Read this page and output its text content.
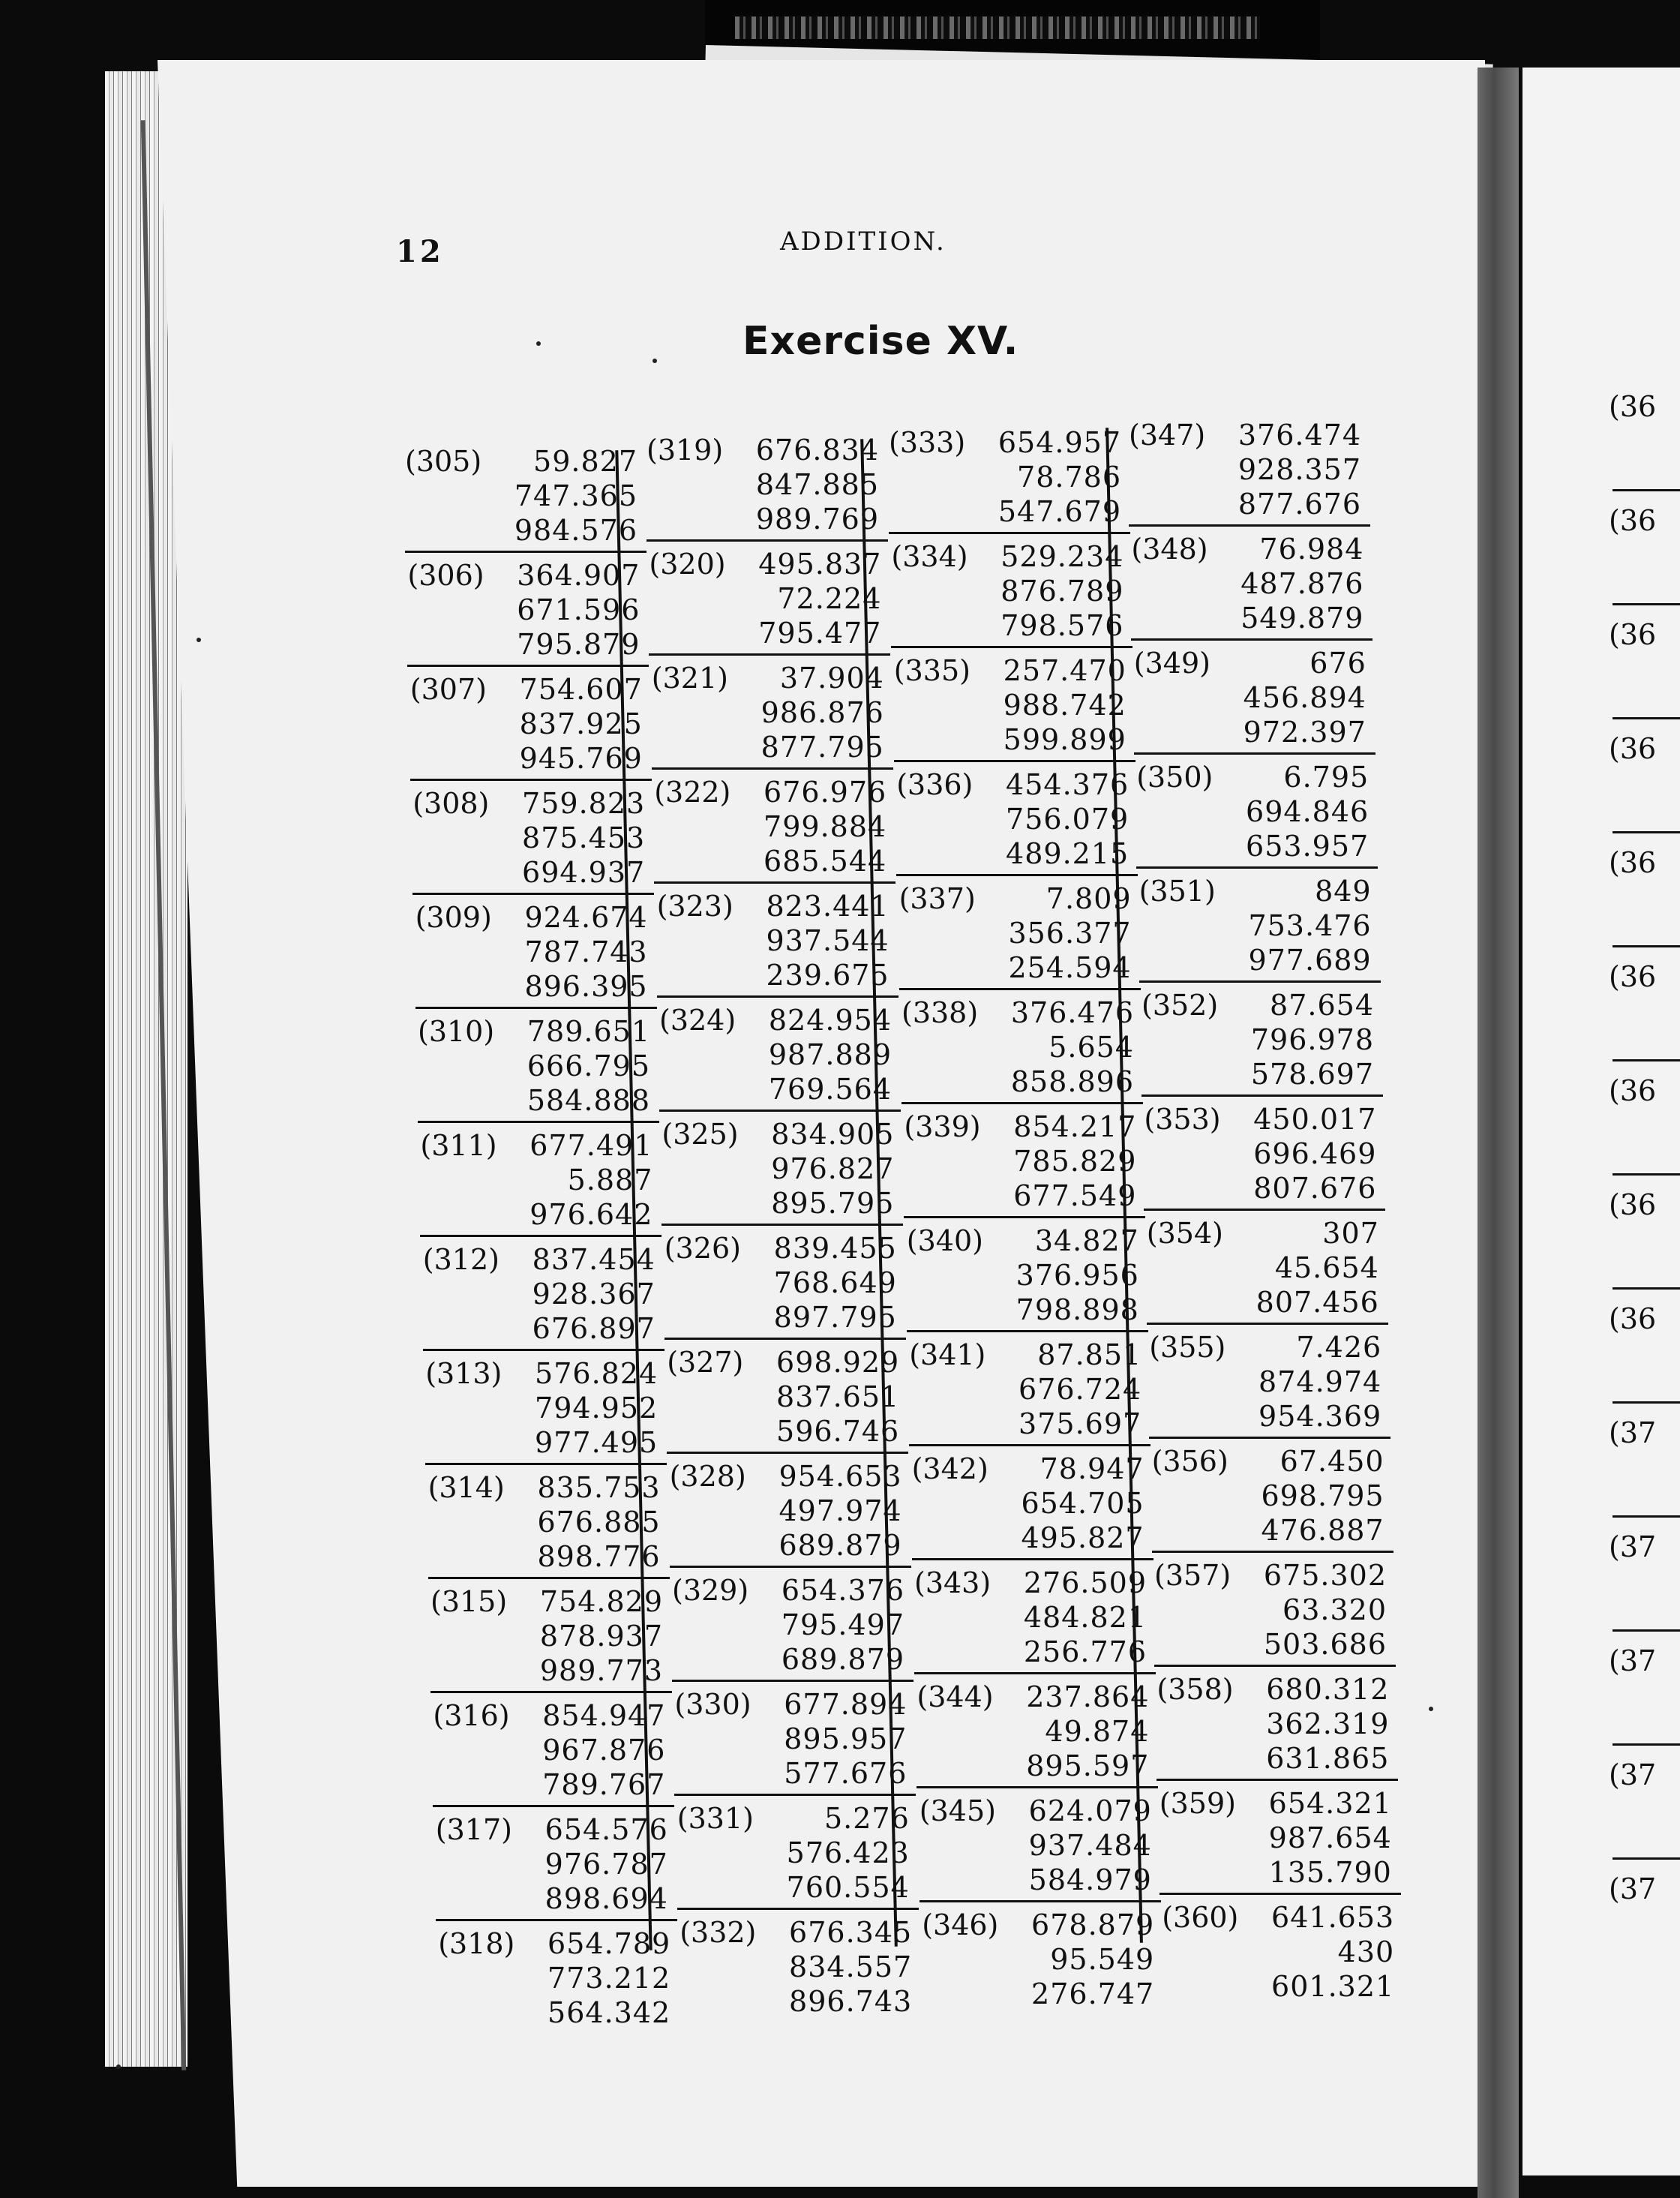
12	ADDITION.
Exercise XV.
(305) 59.827
747.365
984.576
(306) 364.907
671.596
795.879
(307) 754.607
837.925
945.769
(308) 759.823
875.453
694.937
(309) 924.674
787.743
896.395
(310) 789.651
666.795
584.888
(311) 677.491
5.887
976.642
(312) 837.454
928.367
676.897
(313) 576.824
794.952
977.495
(314) 835.753
676.885
898.776
(315) 754.829
878.937
989.773
(316) 854.947
967.876
789.767
(317) 654.576
976.787
898.694
(318) 654.789
773.212
564.342
(319) 676.834
847.885
989.769
(320) 495.837
72.224
795.477
(321) 37.904
986.876
877.795
(322) 676.976
799.884
685.544
(323) 823.441
937.544
239.675
(324) 824.954
987.889
769.564
(325) 834.905
976.827
895.795
(326) 839.455
768.649
897.795
(327) 698.929
837.651
596.746
(328) 954.653
497.974
689.879
(329) 654.376
795.497
689.879
(330) 677.894
895.957
577.676
(331) 5.276
576.423
760.554
(332) 676.345
834.557
896.743
(333) 654.957
78.786
547.679
(334) 529.234
876.789
798.576
(335) 257.470
988.742
599.899
(336) 454.376
756.079
489.215
(337) 7.809
356.377
254.594
(338) 376.476
5.654
858.896
(339) 854.217
785.829
677.549
(340) 34.827
376.956
798.898
(341) 87.851
676.724
375.697
(342) 78.947
654.705
495.827
(343) 276.509
484.821
256.776
(344) 237.864
49.874
895.597
(345) 624.079
937.484
584.979
(346) 678.879
95.549
276.747
(347) 376.474
928.357
877.676
(348) 76.984
487.876
549.879
(349)	676
456.894
972.397
(350) 6.795
694.846
653.957
(351)	849
753.476
977.689
(352) 87.654
796.978
578.697
(353) 450.017
696.469
807.676
(354)	307
45.654
807.456
(355) 7.426
874.974
954.369
(356) 67.450
698.795
476.887
(357) 675.302
63.320
503.686
(358) 680.312
362.319
631.865
(359) 654.321
987.654
135.790
(360) 641.653
430
601.321
(36
(36
(36
(36
(36
(36
(36
(36
(36
(37
(37
(37
(37
(37
